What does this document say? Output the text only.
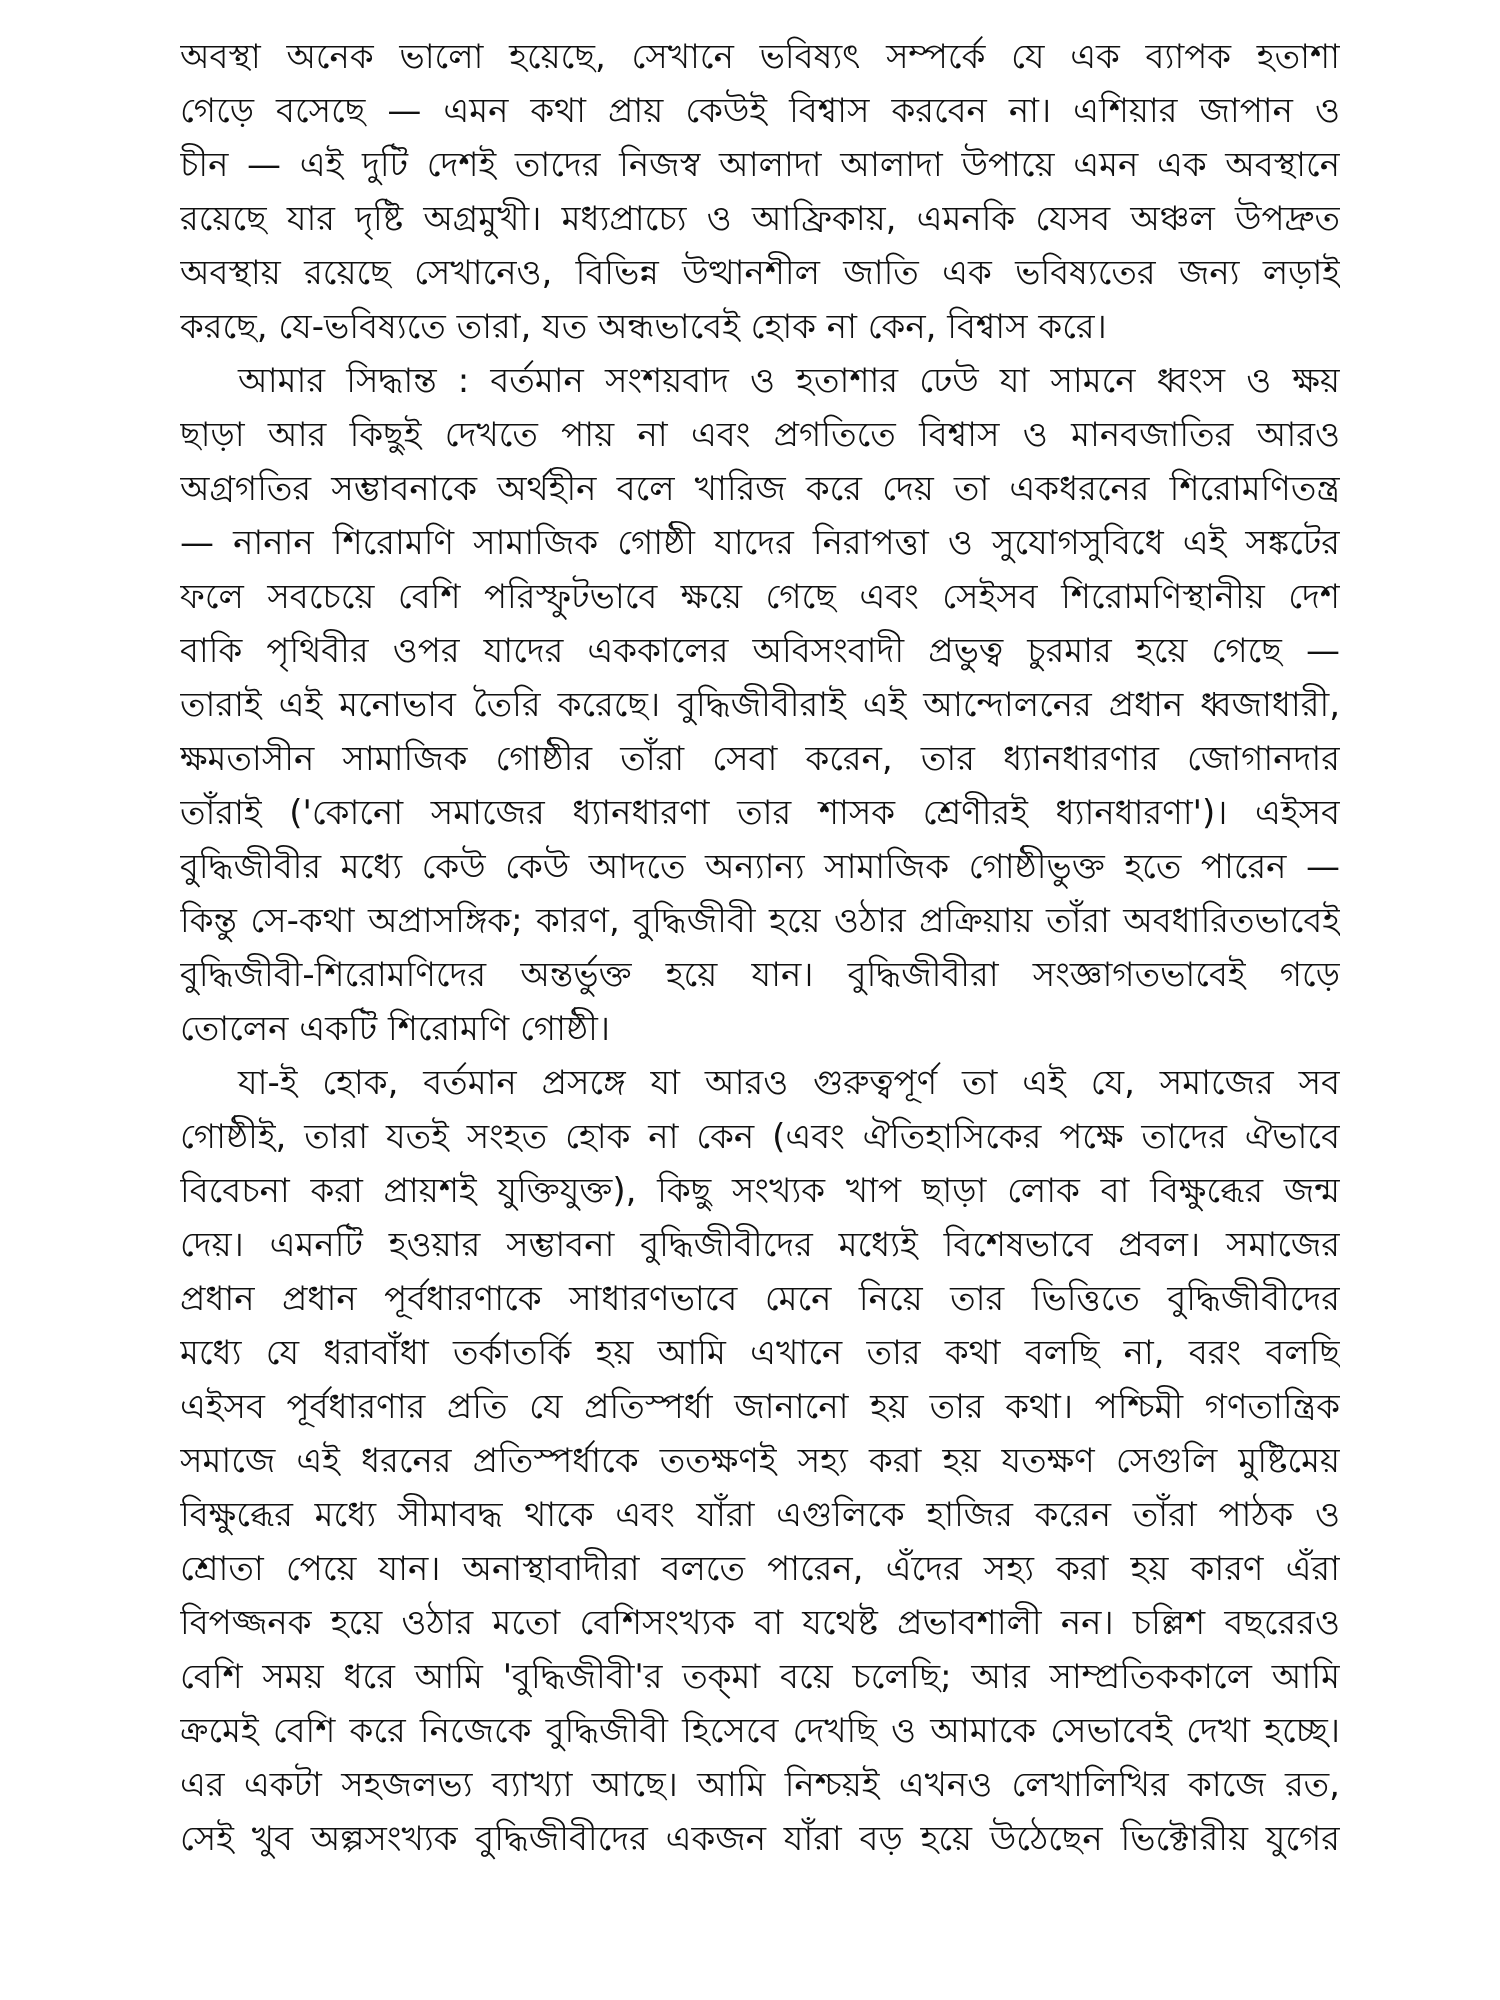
অবস্থা অনেক ভালো হয়েছে, সেখানে ভবিষ্যৎ সম্পর্কে যে এক ব্যাপক হতাশা
গেড়ে বসেছে — এমন কথা প্রায় কেউই বিশ্বাস করবেন না। এশিয়ার জাপান ও
চীন — এই দুটি দেশই তাদের নিজস্ব আলাদা আলাদা উপায়ে এমন এক অবস্থানে
রয়েছে যার দৃষ্টি অগ্রমুখী। মধ্যপ্রাচ্যে ও আফ্রিকায়, এমনকি যেসব অঞ্চল উপদ্রুত
অবস্থায় রয়েছে সেখানেও, বিভিন্ন উত্থানশীল জাতি এক ভবিষ্যতের জন্য লড়াই
করছে, যে-ভবিষ্যতে তারা, যত অন্ধভাবেই হোক না কেন, বিশ্বাস করে।
আমার সিদ্ধান্ত : বর্তমান সংশয়বাদ ও হতাশার ঢেউ যা সামনে ধ্বংস ও ক্ষয়
ছাড়া আর কিছুই দেখতে পায় না এবং প্রগতিতে বিশ্বাস ও মানবজাতির আরও
অগ্রগতির সম্ভাবনাকে অর্থহীন বলে খারিজ করে দেয় তা একধরনের শিরোমণিতন্ত্র
— নানান শিরোমণি সামাজিক গোষ্ঠী যাদের নিরাপত্তা ও সুযোগসুবিধে এই সঙ্কটের
ফলে সবচেয়ে বেশি পরিস্ফুটভাবে ক্ষয়ে গেছে এবং সেইসব শিরোমণিস্থানীয় দেশ
বাকি পৃথিবীর ওপর যাদের এককালের অবিসংবাদী প্রভুত্ব চুরমার হয়ে গেছে —
তারাই এই মনোভাব তৈরি করেছে। বুদ্ধিজীবীরাই এই আন্দোলনের প্রধান ধ্বজাধারী,
ক্ষমতাসীন সামাজিক গোষ্ঠীর তাঁরা সেবা করেন, তার ধ্যানধারণার জোগানদার
তাঁরাই ('কোনো সমাজের ধ্যানধারণা তার শাসক শ্রেণীরই ধ্যানধারণা')। এইসব
বুদ্ধিজীবীর মধ্যে কেউ কেউ আদতে অন্যান্য সামাজিক গোষ্ঠীভুক্ত হতে পারেন —
কিন্তু সে-কথা অপ্রাসঙ্গিক; কারণ, বুদ্ধিজীবী হয়ে ওঠার প্রক্রিয়ায় তাঁরা অবধারিতভাবেই
বুদ্ধিজীবী-শিরোমণিদের অন্তর্ভুক্ত হয়ে যান। বুদ্ধিজীবীরা সংজ্ঞাগতভাবেই গড়ে
তোলেন একটি শিরোমণি গোষ্ঠী।
যা-ই হোক, বর্তমান প্রসঙ্গে যা আরও গুরুত্বপূর্ণ তা এই যে, সমাজের সব
গোষ্ঠীই, তারা যতই সংহত হোক না কেন (এবং ঐতিহাসিকের পক্ষে তাদের ঐভাবে
বিবেচনা করা প্রায়শই যুক্তিযুক্ত), কিছু সংখ্যক খাপ ছাড়া লোক বা বিক্ষুব্ধের জন্ম
দেয়। এমনটি হওয়ার সম্ভাবনা বুদ্ধিজীবীদের মধ্যেই বিশেষভাবে প্রবল। সমাজের
প্রধান প্রধান পূর্বধারণাকে সাধারণভাবে মেনে নিয়ে তার ভিত্তিতে বুদ্ধিজীবীদের
মধ্যে যে ধরাবাঁধা তর্কাতর্কি হয় আমি এখানে তার কথা বলছি না, বরং বলছি
এইসব পূর্বধারণার প্রতি যে প্রতিস্পর্ধা জানানো হয় তার কথা। পশ্চিমী গণতান্ত্রিক
সমাজে এই ধরনের প্রতিস্পর্ধাকে ততক্ষণই সহ্য করা হয় যতক্ষণ সেগুলি মুষ্টিমেয়
বিক্ষুব্ধের মধ্যে সীমাবদ্ধ থাকে এবং যাঁরা এগুলিকে হাজির করেন তাঁরা পাঠক ও
শ্রোতা পেয়ে যান। অনাস্থাবাদীরা বলতে পারেন, এঁদের সহ্য করা হয় কারণ এঁরা
বিপজ্জনক হয়ে ওঠার মতো বেশিসংখ্যক বা যথেষ্ট প্রভাবশালী নন। চল্লিশ বছরেরও
বেশি সময় ধরে আমি 'বুদ্ধিজীবী'র তক্‌মা বয়ে চলেছি; আর সাম্প্রতিককালে আমি
ক্রমেই বেশি করে নিজেকে বুদ্ধিজীবী হিসেবে দেখছি ও আমাকে সেভাবেই দেখা হচ্ছে।
এর একটা সহজলভ্য ব্যাখ্যা আছে। আমি নিশ্চয়ই এখনও লেখালিখির কাজে রত,
সেই খুব অল্পসংখ্যক বুদ্ধিজীবীদের একজন যাঁরা বড় হয়ে উঠেছেন ভিক্টোরীয় যুগের
